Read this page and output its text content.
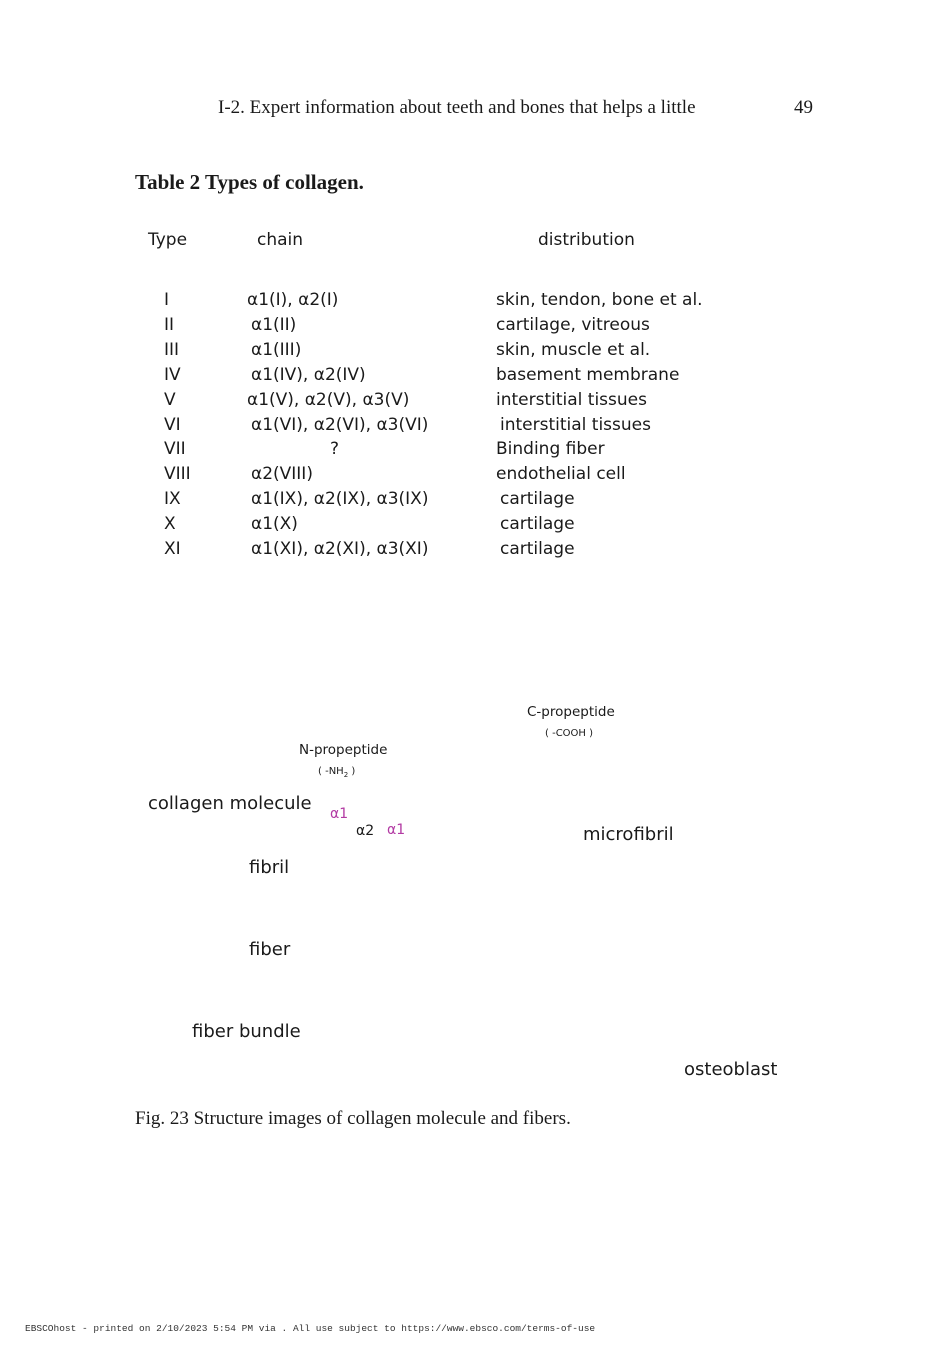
I-2. Expert information about teeth and bones that helps a little	49
Table 2 Types of collagen.
Type	chain	distribution
I	α1(I), α2(I)	skin, tendon, bone et al.
II	α1(II)	cartilage, vitreous
III	α1(III)	skin, muscle et al.
IV	α1(IV), α2(IV)	basement membrane
V	α1(V), α2(V), α3(V)	interstitial tissues
VI	α1(VI), α2(VI), α3(VI)	interstitial tissues
VII	?	Binding fiber
VIII	α2(VIII)	endothelial cell
IX	α1(IX), α2(IX), α3(IX)	cartilage
X	α1(X)	cartilage
XI	α1(XI), α2(XI), α3(XI)	cartilage
C-propeptide
( -COOH )
N-propeptide
( $-NH_2$ )
collagen molecule α1
α2 α1	microfibril
fibril
fiber
fiber bundle
osteoblast
Fig. 23 Structure images of collagen molecule and fibers.
EBSCOhost - printed on 2/10/2023 5:54 PM via . All use subject to https://www.ebsco.com/terms-of-use
